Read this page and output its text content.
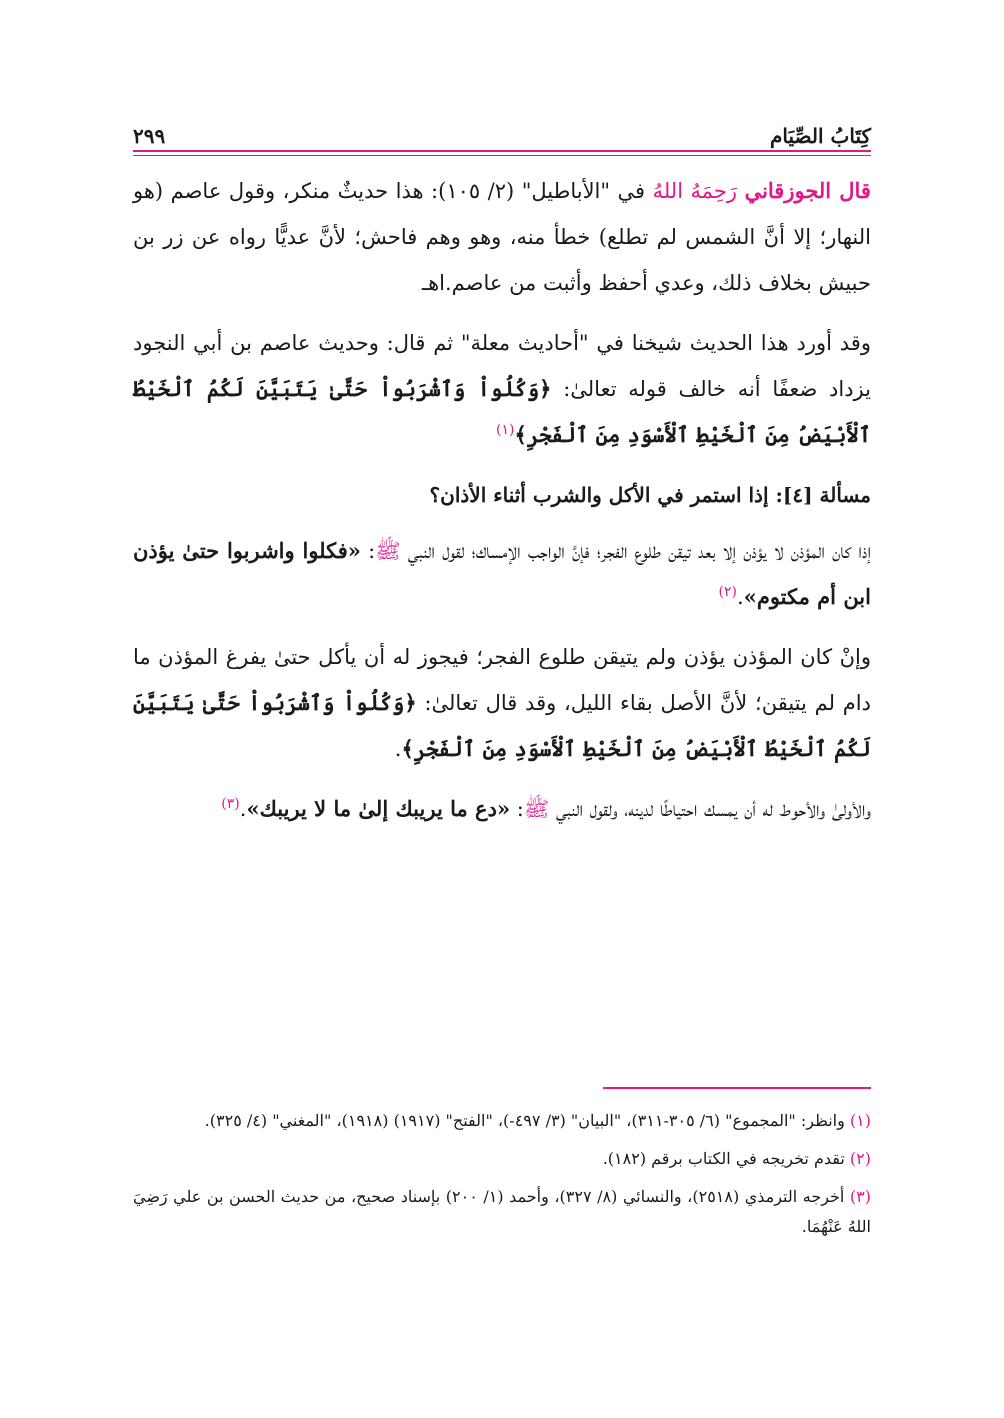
كِتَابُ الصِّيَام
٢٩٩

قال الجوزقاني رَحِمَهُ اللهُ في "الأباطيل" (٢/ ١٠٥): هذا حديثٌ منكر، وقول عاصم (هو النهار؛ إلا أنَّ الشمس لم تطلع) خطأ منه، وهو وهم فاحش؛ لأنَّ عديًّا رواه عن زر بن حبيش بخلاف ذلك، وعدي أحفظ وأثبت من عاصم.اهـ

وقد أورد هذا الحديث شيخنا في "أحاديث معلة" ثم قال: وحديث عاصم بن أبي النجود يزداد ضعفًا أنه خالف قوله تعالىٰ: ﴿وَكُلُواْ وَٱشْرَبُواْ حَتَّىٰ يَتَبَيَّنَ لَكُمُ ٱلْخَيْطُ ٱلْأَبْيَضُ مِنَ ٱلْخَيْطِ ٱلْأَسْوَدِ مِنَ ٱلْفَجْرِ﴾$^{(١)}$

مسألة [٤]: إذا استمر في الأكل والشرب أثناء الأذان؟

إذا كان المؤذن لا يؤذن إلا بعد تيقن طلوع الفجر؛ فإنَّ الواجب الإمساك؛ لقول النبي ﷺ: «فكلوا واشربوا حتىٰ يؤذن ابن أم مكتوم».$^{(٢)}$

وإنْ كان المؤذن يؤذن ولم يتيقن طلوع الفجر؛ فيجوز له أن يأكل حتىٰ يفرغ المؤذن ما دام لم يتيقن؛ لأنَّ الأصل بقاء الليل، وقد قال تعالىٰ: ﴿وَكُلُواْ وَٱشْرَبُواْ حَتَّىٰ يَتَبَيَّنَ لَكُمُ ٱلْخَيْطُ ٱلْأَبْيَضُ مِنَ ٱلْخَيْطِ ٱلْأَسْوَدِ مِنَ ٱلْفَجْرِ﴾.

والأولىٰ والأحوط له أن يمسك احتياطًا لدينه، ولقول النبي ﷺ: «دع ما يريبك إلىٰ ما لا يريبك».$^{(٣)}$

(١) وانظر: "المجموع" (٦/ ٣٠٥-٣١١)، "البيان" (٣/ ٤٩٧-)، "الفتح" (١٩١٧) (١٩١٨)، "المغني" (٤/ ٣٢٥).

(٢) تقدم تخريجه في الكتاب برقم (١٨٢).

(٣) أخرجه الترمذي (٢٥١٨)، والنسائي (٨/ ٣٢٧)، وأحمد (١/ ٢٠٠) بإسناد صحيح، من حديث الحسن بن علي رَضِيَ اللهُ عَنْهُمَا.
